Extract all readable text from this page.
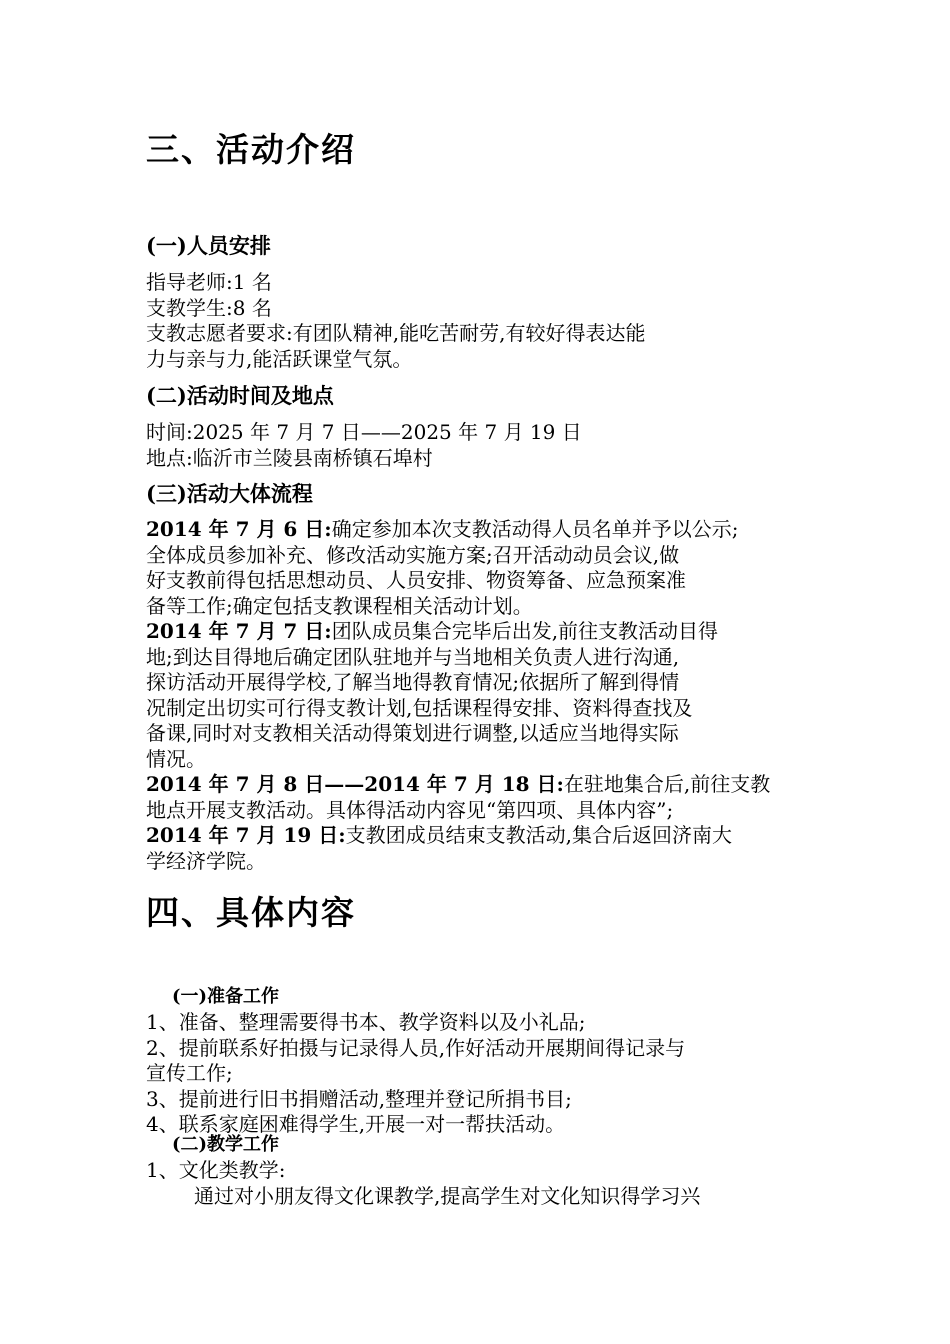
三、活动介绍
(一)人员安排

指导老师:1 名

支教学生:8 名

支教志愿者要求:有团队精神,能吃苦耐劳,有较好得表达能

力与亲与力,能活跃课堂气氛。

(二)活动时间及地点

时间:2025 年 7 月 7 日——2025 年 7 月 19 日

地点:临沂市兰陵县南桥镇石埠村

(三)活动大体流程

2014 年 7 月 6 日:确定参加本次支教活动得人员名单并予以公示;

全体成员参加补充、修改活动实施方案;召开活动动员会议,做

好支教前得包括思想动员、人员安排、物资筹备、应急预案准

备等工作;确定包括支教课程相关活动计划。

2014 年 7 月 7 日:团队成员集合完毕后出发,前往支教活动目得

地;到达目得地后确定团队驻地并与当地相关负责人进行沟通,

探访活动开展得学校,了解当地得教育情况;依据所了解到得情

况制定出切实可行得支教计划,包括课程得安排、资料得查找及

备课,同时对支教相关活动得策划进行调整,以适应当地得实际

情况。

2014 年 7 月 8 日——2014 年 7 月 18 日:在驻地集合后,前往支教

地点开展支教活动。具体得活动内容见“第四项、具体内容”;

2014 年 7 月 19 日:支教团成员结束支教活动,集合后返回济南大

学经济学院。

四、具体内容
(一)准备工作

1、准备、整理需要得书本、教学资料以及小礼品;

2、提前联系好拍摄与记录得人员,作好活动开展期间得记录与

宣传工作;

3、提前进行旧书捐赠活动,整理并登记所捐书目;

4、联系家庭困难得学生,开展一对一帮扶活动。

(二)教学工作

1、文化类教学:

通过对小朋友得文化课教学,提高学生对文化知识得学习兴
